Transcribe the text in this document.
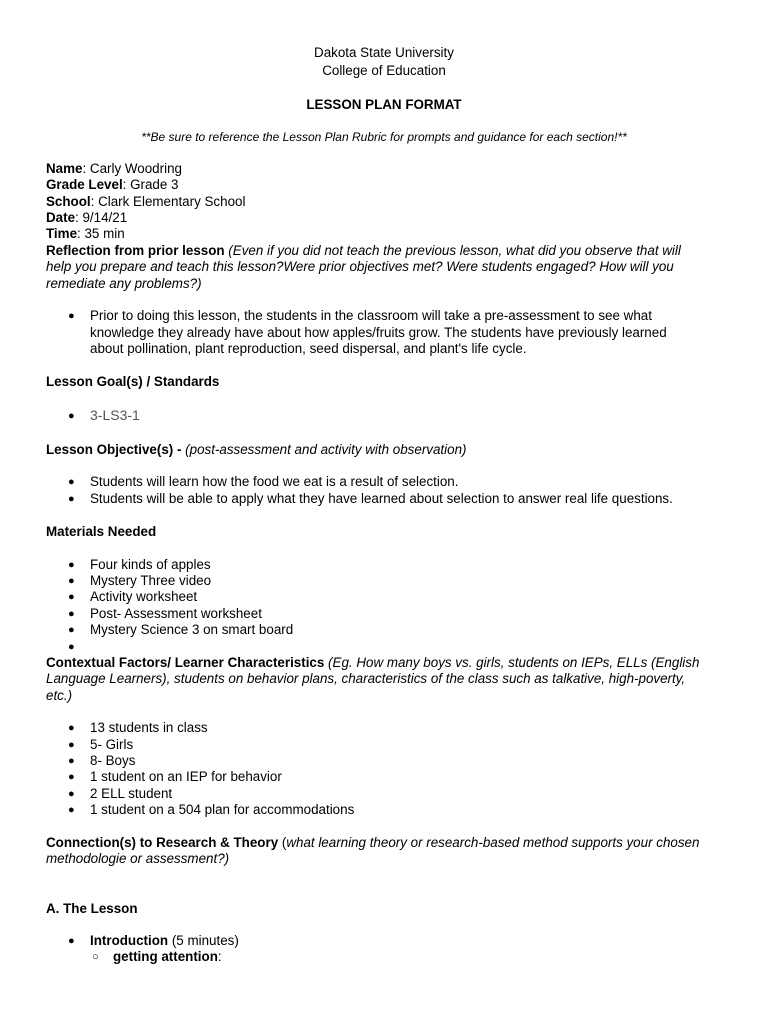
Dakota State University
College of Education
LESSON PLAN FORMAT
**Be sure to reference the Lesson Plan Rubric for prompts and guidance for each section!**
Name: Carly Woodring
Grade Level: Grade 3
School: Clark Elementary School
Date: 9/14/21
Time: 35 min
Reflection from prior lesson (Even if you did not teach the previous lesson, what did you observe that will
help you prepare and teach this lesson?Were prior objectives met? Were students engaged? How will you
remediate any problems?)
● Prior to doing this lesson, the students in the classroom will take a pre-assessment to see what
knowledge they already have about how apples/fruits grow. The students have previously learned
about pollination, plant reproduction, seed dispersal, and plant's life cycle.
Lesson Goal(s) / Standards
● 3-LS3-1
Lesson Objective(s) - (post-assessment and activity with observation)
● Students will learn how the food we eat is a result of selection.
● Students will be able to apply what they have learned about selection to answer real life questions.
Materials Needed
● Four kinds of apples
● Mystery Three video
● Activity worksheet
● Post- Assessment worksheet
● Mystery Science 3 on smart board
●
Contextual Factors/ Learner Characteristics (Eg. How many boys vs. girls, students on IEPs, ELLs (English
Language Learners), students on behavior plans, characteristics of the class such as talkative, high-poverty,
etc.)
● 13 students in class
● 5- Girls
● 8- Boys
● 1 student on an IEP for behavior
● 2 ELL student
● 1 student on a 504 plan for accommodations
Connection(s) to Research & Theory (what learning theory or research-based method supports your chosen
methodologie or assessment?)
A. The Lesson
● Introduction (5 minutes)
○ getting attention:
